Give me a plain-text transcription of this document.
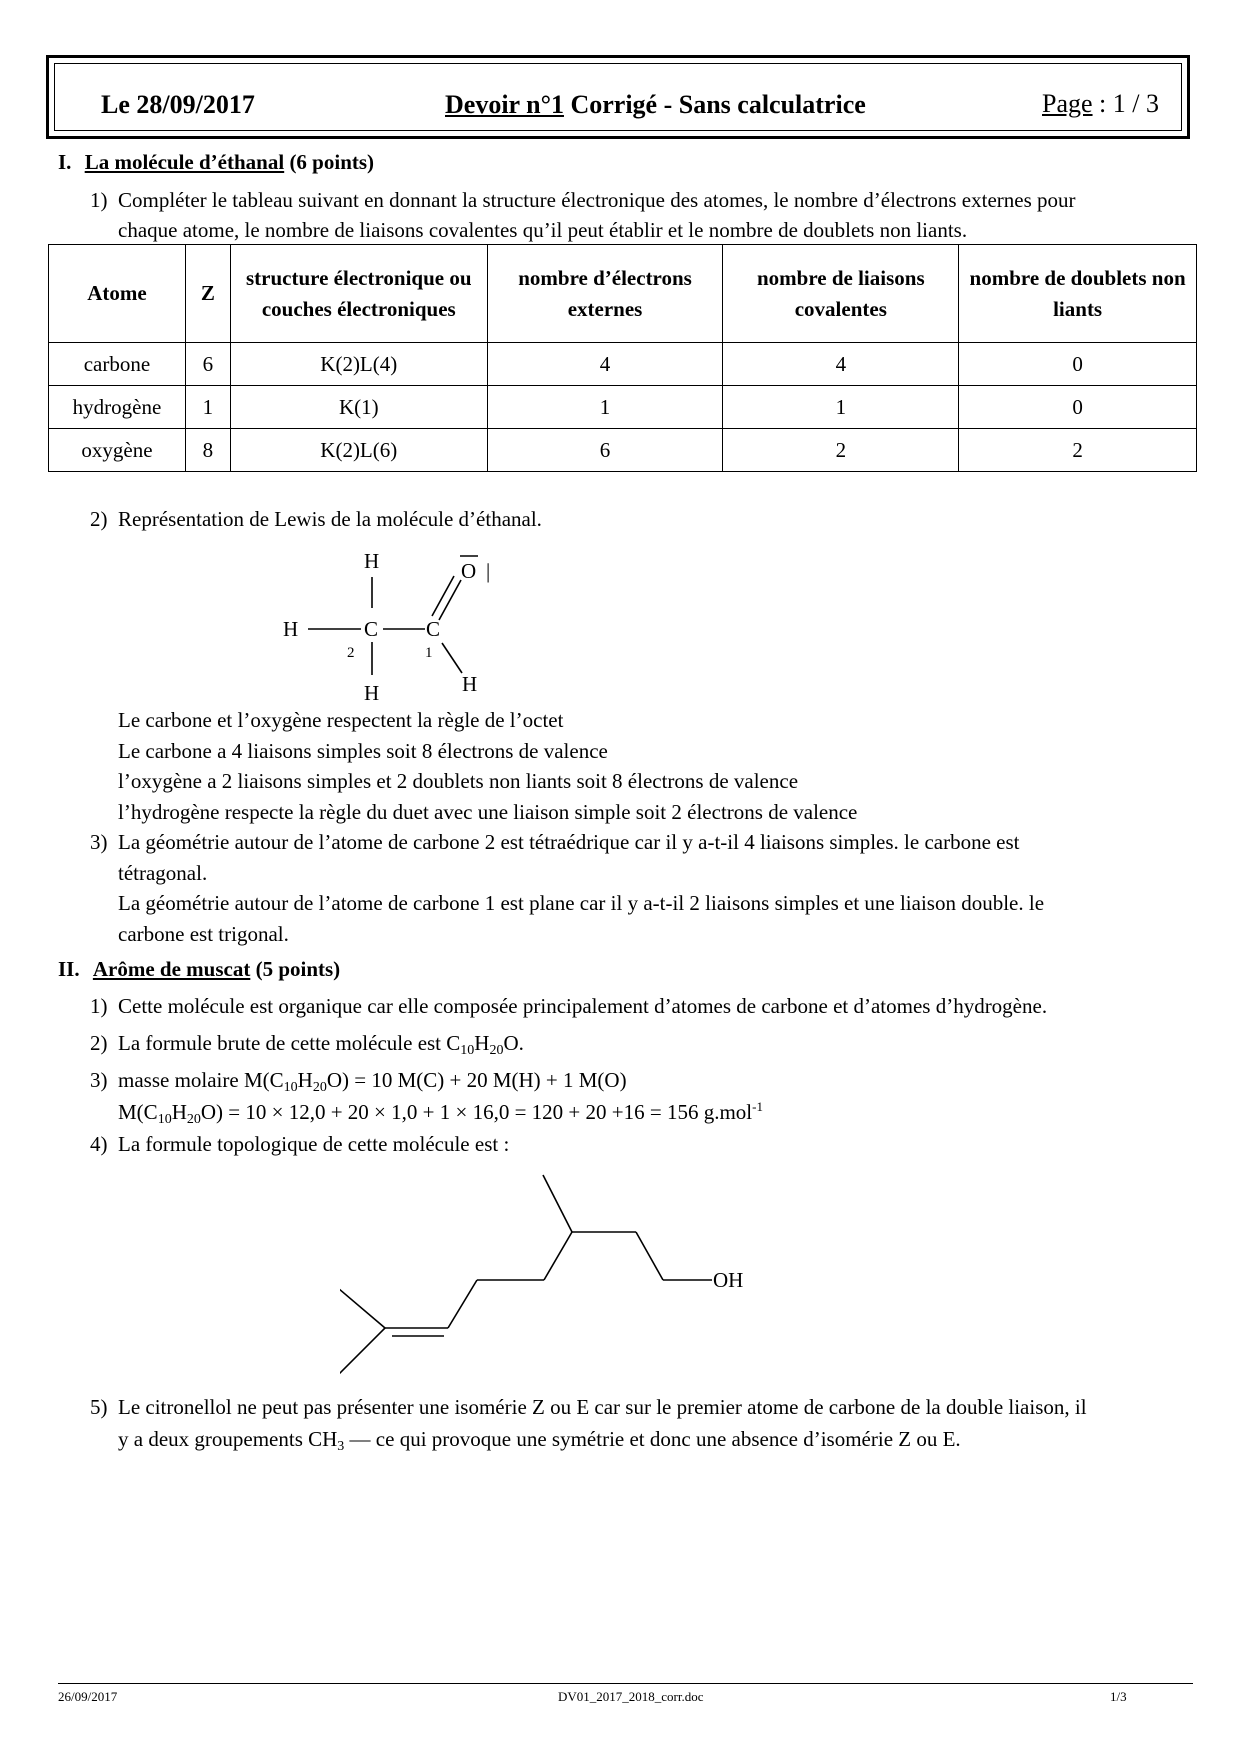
Le 28/09/2017	Devoir n°1 Corrigé - Sans calculatrice	Page : 1 / 3
I. La molécule d’éthanal (6 points)
1) Compléter le tableau suivant en donnant la structure électronique des atomes, le nombre d’électrons externes pour
chaque atome, le nombre de liaisons covalentes qu’il peut établir et le nombre de doublets non liants.
Atome	Z	structure électronique ou couches électroniques	nombre d’électrons externes	nombre de liaisons covalentes	nombre de doublets non liants
carbone	6	K(2)L(4)	4	4	0
hydrogène	1	K(1)	1	1	0
oxygène	8	K(2)L(6)	6	2	2
2) Représentation de Lewis de la molécule d’éthanal.
H
H	C C
O |
H	H
2	1
Le carbone et l’oxygène respectent la règle de l’octet
Le carbone a 4 liaisons simples soit 8 électrons de valence
l’oxygène a 2 liaisons simples et 2 doublets non liants soit 8 électrons de valence
l’hydrogène respecte la règle du duet avec une liaison simple soit 2 électrons de valence
3) La géométrie autour de l’atome de carbone 2 est tétraédrique car il y a-t-il 4 liaisons simples. le carbone est
tétragonal.
La géométrie autour de l’atome de carbone 1 est plane car il y a-t-il 2 liaisons simples et une liaison double. le
carbone est trigonal.
II. Arôme de muscat (5 points)
1) Cette molécule est organique car elle composée principalement d’atomes de carbone et d’atomes d’hydrogène.
2) La formule brute de cette molécule est $C_{10}H_{20}O$.
3) masse molaire $M(C_{10}H_{20}O) = 10$ M(C) + 20 M(H) + 1 M(O)
$M(C_{10}H_{20}O) = 10 \times 12,0 + 20 \times 1,0 + 1 \times 16,0 = 120 + 20 +16 = 156$ g.mol$^{-1}$
4) La formule topologique de cette molécule est :
OH
5) Le citronellol ne peut pas présenter une isomérie Z ou E car sur le premier atome de carbone de la double liaison, il
y a deux groupements $CH_3$ — ce qui provoque une symétrie et donc une absence d’isomérie Z ou E.
26/09/2017	DV01_2017_2018_corr.doc	1/3
